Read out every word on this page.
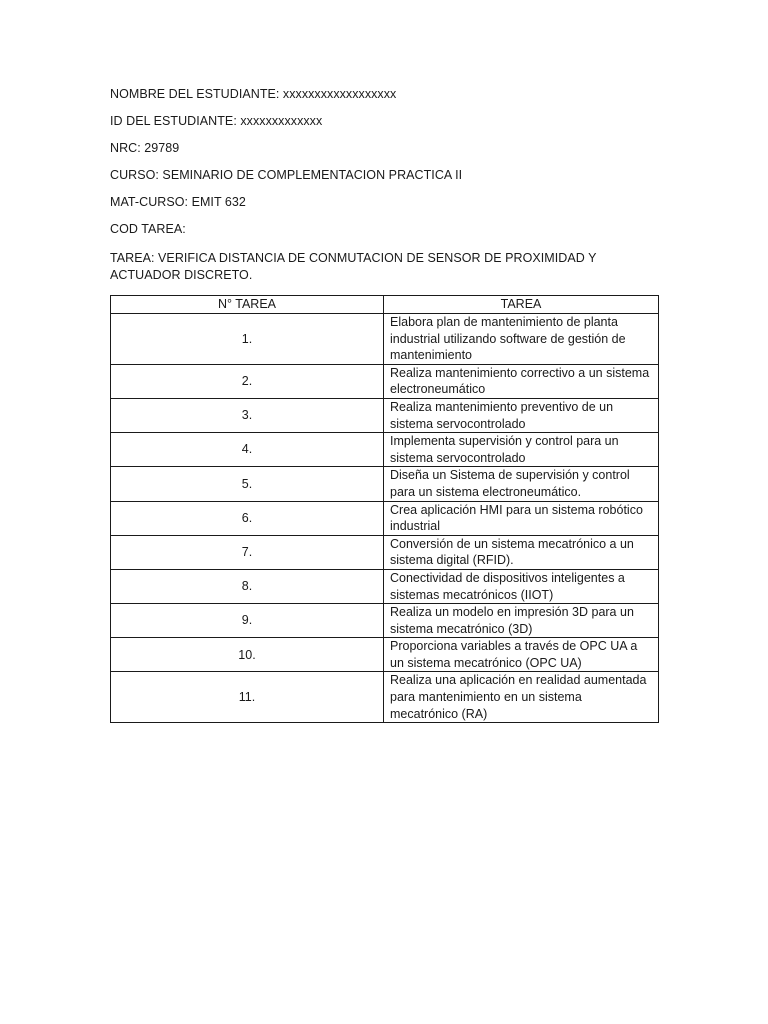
NOMBRE DEL ESTUDIANTE: xxxxxxxxxxxxxxxxxx
ID DEL ESTUDIANTE: xxxxxxxxxxxxx
NRC: 29789
CURSO: SEMINARIO DE COMPLEMENTACION PRACTICA II
MAT-CURSO: EMIT 632
COD TAREA:
TAREA: VERIFICA DISTANCIA DE CONMUTACION DE SENSOR DE PROXIMIDAD Y ACTUADOR DISCRETO.
N° TAREA	TAREA
1.	Elabora plan de mantenimiento de planta industrial utilizando software de gestión de mantenimiento
2.	Realiza mantenimiento correctivo a un sistema electroneumático
3.	Realiza mantenimiento preventivo de un sistema servocontrolado
4.	Implementa supervisión y control para un sistema servocontrolado
5.	Diseña un Sistema de supervisión y control para un sistema electroneumático.
6.	Crea aplicación HMI para un sistema robótico industrial
7.	Conversión de un sistema mecatrónico a un sistema digital (RFID).
8.	Conectividad de dispositivos inteligentes a sistemas mecatrónicos (IIOT)
9.	Realiza un modelo en impresión 3D para un sistema mecatrónico (3D)
10.	Proporciona variables a través de OPC UA a un sistema mecatrónico (OPC UA)
11.	Realiza una aplicación en realidad aumentada para mantenimiento en un sistema mecatrónico (RA)
